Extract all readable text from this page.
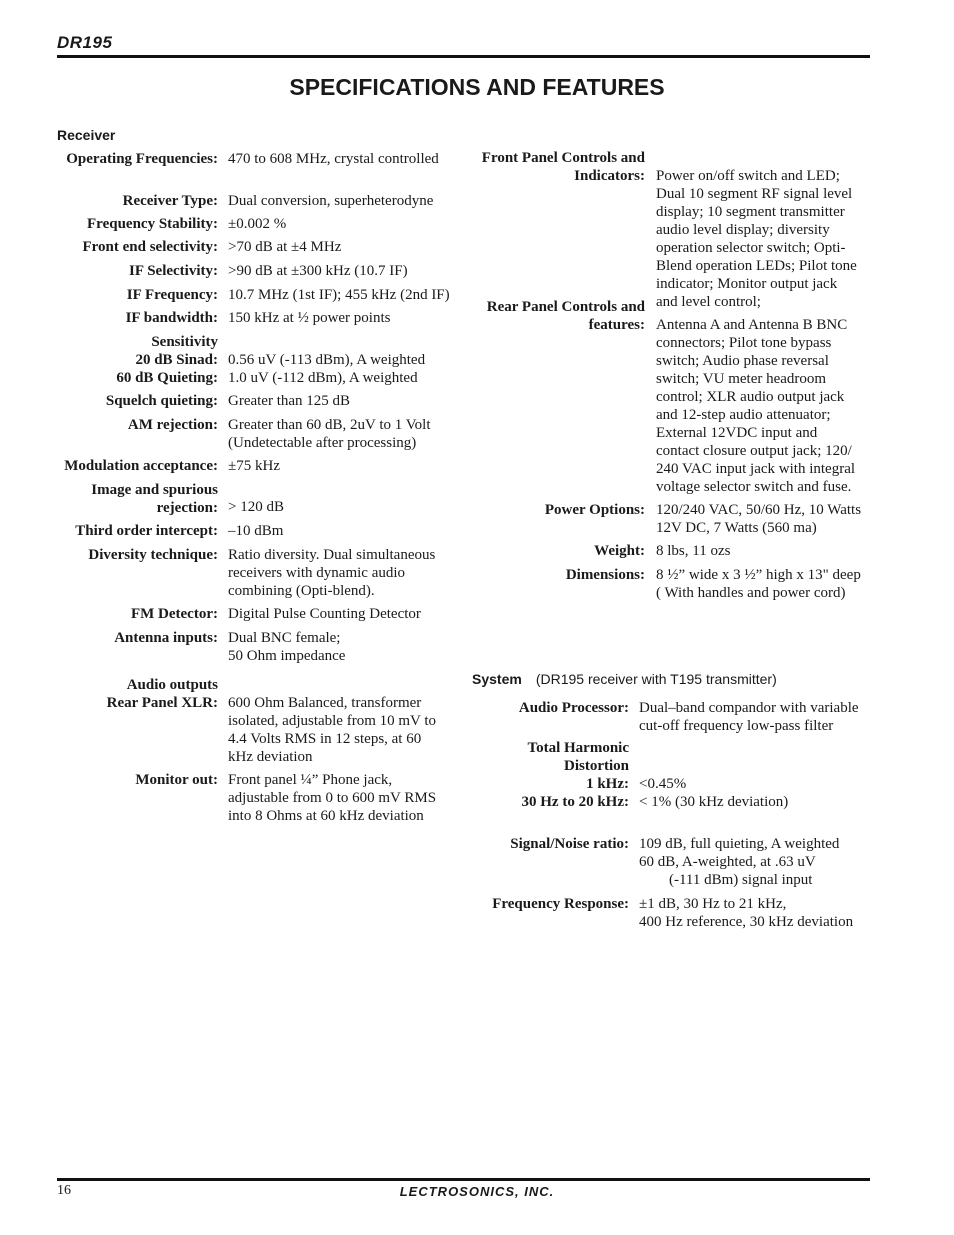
DR195
SPECIFICATIONS AND FEATURES
Receiver
Operating Frequencies: 470 to 608 MHz, crystal controlled
Receiver Type: Dual conversion, superheterodyne
Frequency Stability: ±0.002 %
Front end selectivity: >70 dB at ±4 MHz
IF Selectivity: >90 dB at ±300 kHz (10.7 IF)
IF Frequency: 10.7 MHz (1st IF); 455 kHz (2nd IF)
IF bandwidth: 150 kHz at ½ power points
Sensitivity
20 dB Sinad:
60 dB Quieting:
0.56 uV (-113 dBm), A weighted
1.0 uV (-112 dBm), A weighted
Squelch quieting: Greater than 125 dB
AM rejection: Greater than 60 dB, 2uV to 1 Volt
(Undetectable after processing)
Modulation acceptance: ±75 kHz
Image and spurious
rejection: > 120 dB
Third order intercept: –10 dBm
Diversity technique: Ratio diversity. Dual simultaneous
receivers with dynamic audio
combining (Opti-blend).
FM Detector: Digital Pulse Counting Detector
Antenna inputs: Dual BNC female;
50 Ohm impedance
Audio outputs
Rear Panel XLR: 600 Ohm Balanced, transformer
isolated, adjustable from 10 mV to
4.4 Volts RMS in 12 steps, at 60
kHz deviation
Monitor out: Front panel ¼” Phone jack,
adjustable from 0 to 600 mV RMS
into 8 Ohms at 60 kHz deviation
Front Panel Controls and
Indicators: Power on/off switch and LED;
Dual 10 segment RF signal level
display; 10 segment transmitter
audio level display; diversity
operation selector switch; Opti-
Blend operation LEDs; Pilot tone
indicator; Monitor output jack
and level control;
Rear Panel Controls and
features: Antenna A and Antenna B BNC
connectors; Pilot tone bypass
switch; Audio phase reversal
switch; VU meter headroom
control; XLR audio output jack
and 12-step audio attenuator;
External 12VDC input and
contact closure output jack; 120/
240 VAC input jack with integral
voltage selector switch and fuse.
Power Options: 120/240 VAC, 50/60 Hz, 10 Watts
12V DC, 7 Watts (560 ma)
Weight: 8 lbs, 11 ozs
Dimensions: 8 ½” wide x 3 ½” high x 13" deep
( With handles and power cord)
System (DR195 receiver with T195 transmitter)
Audio Processor: Dual–band compandor with variable
cut-off frequency low-pass filter
Total Harmonic
Distortion
1 kHz:
30 Hz to 20 kHz:
<0.45%
< 1% (30 kHz deviation)
Signal/Noise ratio: 109 dB, full quieting, A weighted
60 dB, A-weighted, at .63 uV
(-111 dBm) signal input
Frequency Response: ±1 dB, 30 Hz to 21 kHz,
400 Hz reference, 30 kHz deviation
16	LECTROSONICS, INC.
